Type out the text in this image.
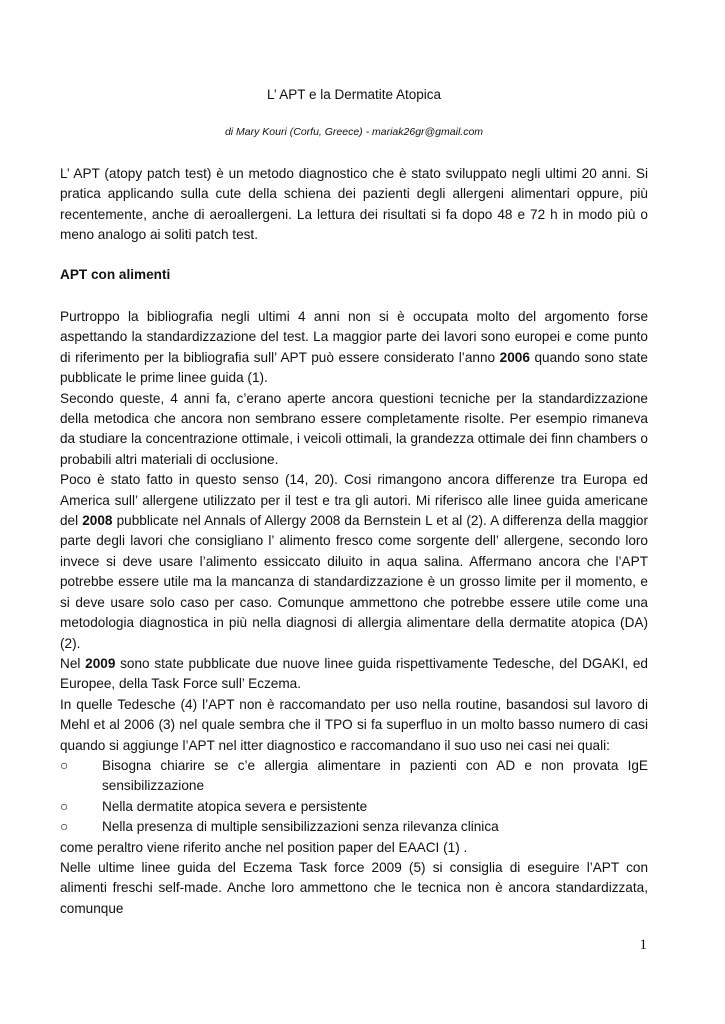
L’ APT e la Dermatite Atopica
di Mary Kouri (Corfu, Greece) - mariak26gr@gmail.com

L’ APT (atopy patch test) è un metodo diagnostico che è stato sviluppato negli ultimi 20 anni. Si pratica applicando sulla cute della schiena dei pazienti degli allergeni alimentari oppure, più recentemente, anche di aeroallergeni. La lettura dei risultati si fa dopo 48 e 72 h in modo più o meno analogo ai soliti patch test.

APT con alimenti

Purtroppo la bibliografia negli ultimi 4 anni non si è occupata molto del argomento forse aspettando la standardizzazione del test. La maggior parte dei lavori sono europei e come punto di riferimento per la bibliografia sull’ APT può essere considerato l’anno 2006 quando sono state pubblicate le prime linee guida (1).

Secondo queste, 4 anni fa, c’erano aperte ancora questioni tecniche per la standardizzazione della metodica che ancora non sembrano essere completamente risolte. Per esempio rimaneva da studiare la concentrazione ottimale, i veicoli ottimali, la grandezza ottimale dei finn chambers o probabili altri materiali di occlusione.

Poco è stato fatto in questo senso (14, 20). Cosi rimangono ancora differenze tra Europa ed America sull’ allergene utilizzato per il test e tra gli autori. Mi riferisco alle linee guida americane del 2008 pubblicate nel Annals of Allergy 2008 da Bernstein L et al (2). A differenza della maggior parte degli lavori che consigliano l’ alimento fresco come sorgente dell’ allergene, secondo loro invece si deve usare l’alimento essiccato diluito in aqua salina. Affermano ancora che l’APT potrebbe essere utile ma la mancanza di standardizzazione è un grosso limite per il momento, e si deve usare solo caso per caso. Comunque ammettono che potrebbe essere utile come una metodologia diagnostica in più nella diagnosi di allergia alimentare della dermatite atopica (DA) (2).

Nel 2009 sono state pubblicate due nuove linee guida rispettivamente Tedesche, del DGAKI, ed Europee, della Task Force sull’ Eczema.

In quelle Tedesche (4) l’APT non è raccomandato per uso nella routine, basandosi sul lavoro di Mehl et al 2006 (3) nel quale sembra che il TPO si fa superfluo in un molto basso numero di casi quando si aggiunge l’APT nel itter diagnostico e raccomandano il suo uso nei casi nei quali:

○	Bisogna chiarire se c’e allergia alimentare in pazienti con AD e non provata IgE sensibilizzazione
○	Nella dermatite atopica severa e persistente
○	Nella presenza di multiple sensibilizzazioni senza rilevanza clinica

come peraltro viene riferito anche nel position paper del EAACI (1) .

Nelle ultime linee guida del Eczema Task force 2009 (5) si consiglia di eseguire l’APT con alimenti freschi self-made. Anche loro ammettono che le tecnica non è ancora standardizzata, comunque

1
